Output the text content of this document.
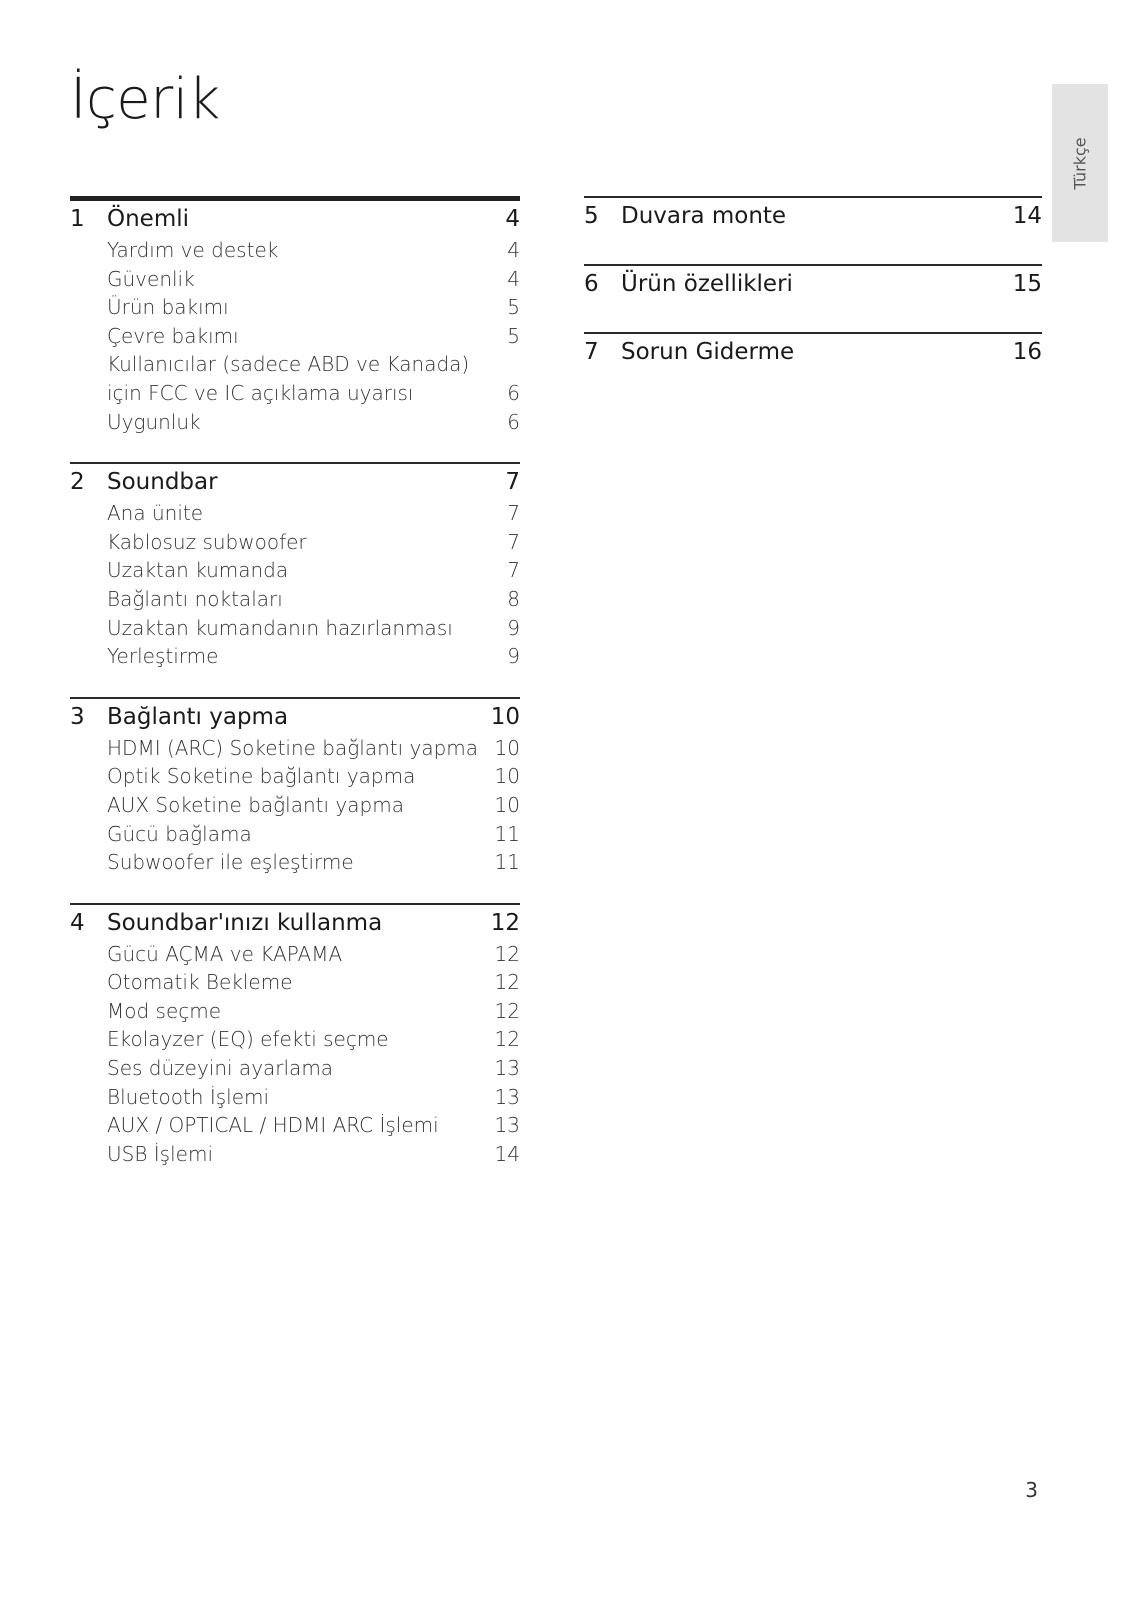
İçerik
Türkçe
1 Önemli	4
Yardım ve destek	4
Güvenlik	4
Ürün bakımı	5
Çevre bakımı	5
Kullanıcılar (sadece ABD ve Kanada)
için FCC ve IC açıklama uyarısı	6
Uygunluk	6
2 Soundbar	7
Ana ünite	7
Kablosuz subwoofer	7
Uzaktan kumanda	7
Bağlantı noktaları	8
Uzaktan kumandanın hazırlanması	9
Yerleştirme	9
3 Bağlantı yapma	10
HDMI (ARC) Soketine bağlantı yapma 10
Optik Soketine bağlantı yapma	10
AUX Soketine bağlantı yapma	10
Gücü bağlama	11
Subwoofer ile eşleştirme	11
4 Soundbar'ınızı kullanma	12
Gücü AÇMA ve KAPAMA	12
Otomatik Bekleme	12
Mod seçme	12
Ekolayzer (EQ) efekti seçme	12
Ses düzeyini ayarlama	13
Bluetooth İşlemi	13
AUX / OPTICAL / HDMI ARC İşlemi	13
USB İşlemi	14
5 Duvara monte	14
6 Ürün özellikleri	15
7 Sorun Giderme	16
3
